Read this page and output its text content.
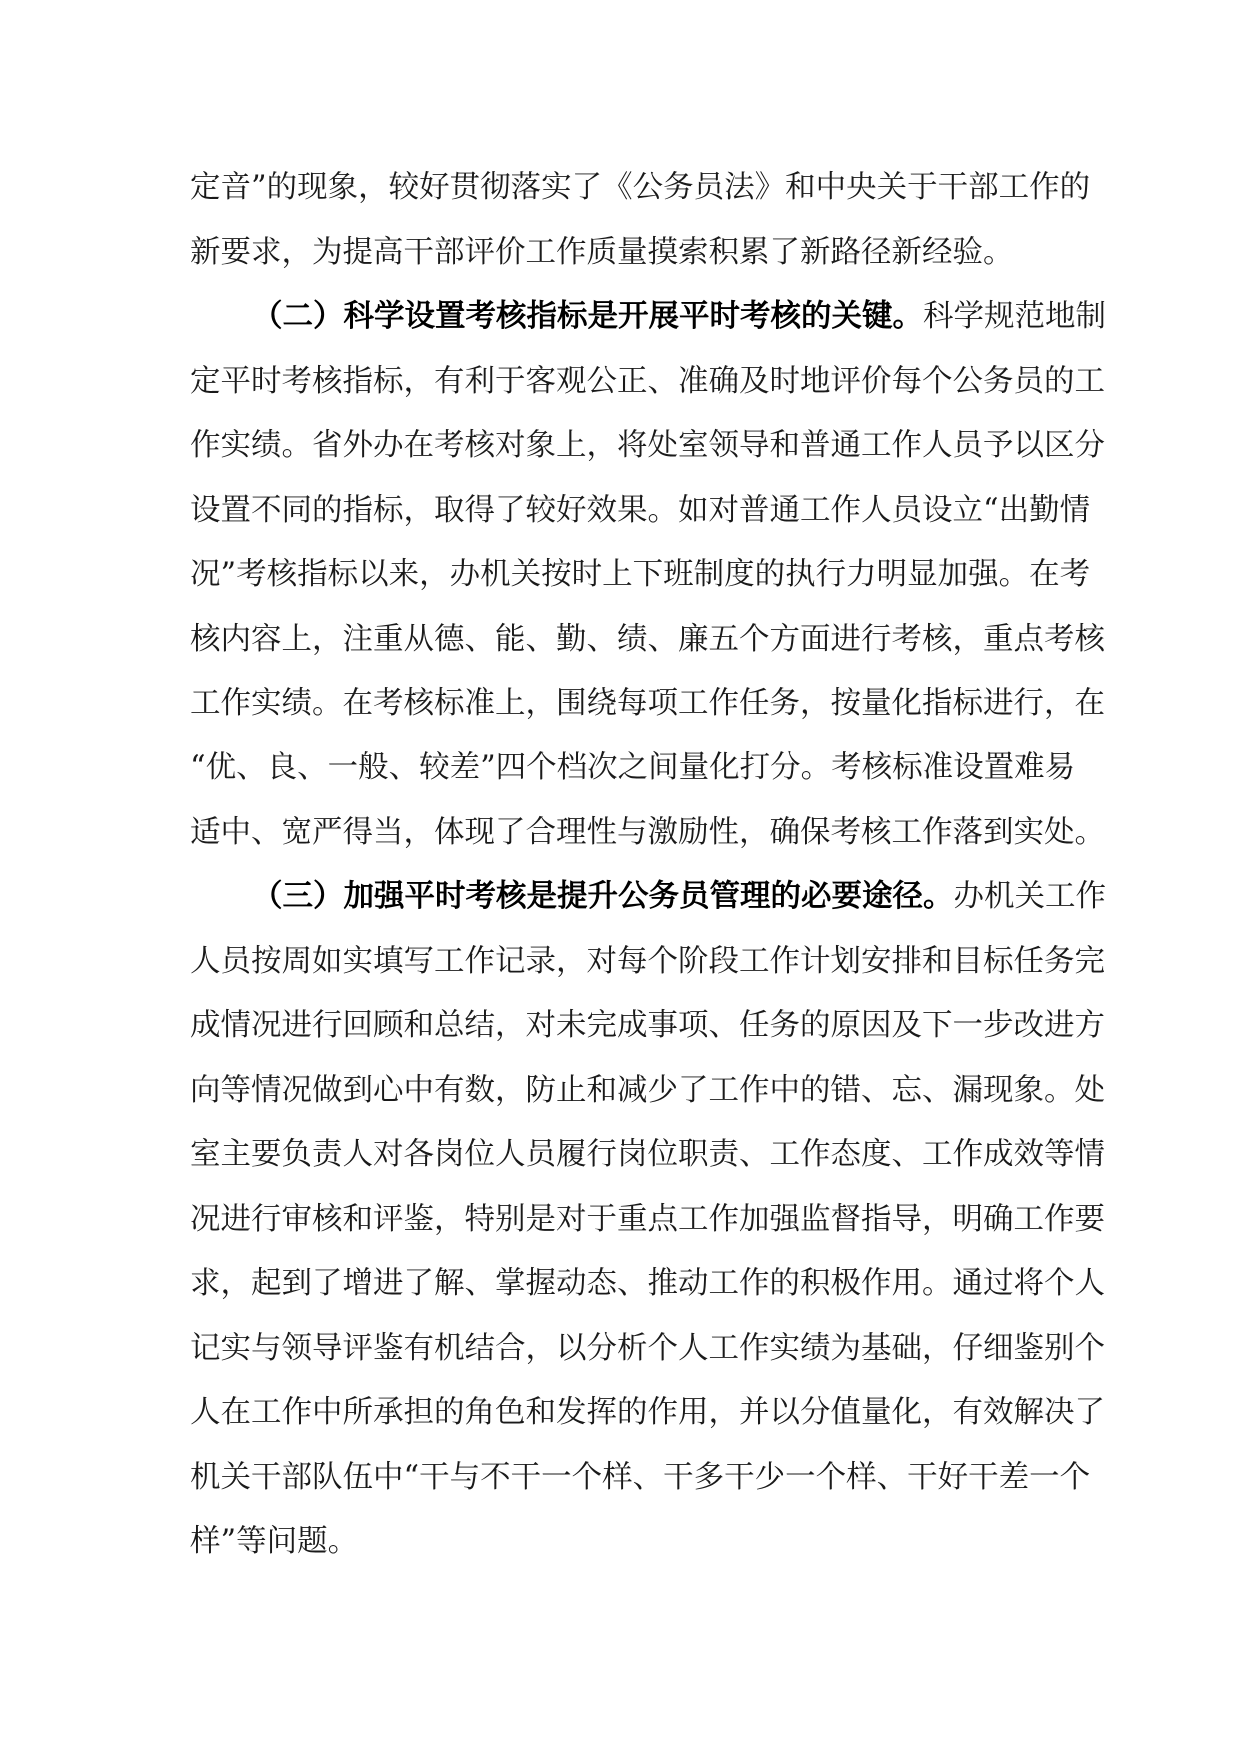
定音”的现象，较好贯彻落实了《公务员法》和中央关于干部工作的
新要求，为提高干部评价工作质量摸索积累了新路径新经验。
（二）科学设置考核指标是开展平时考核的关键。科学规范地制
定平时考核指标，有利于客观公正、准确及时地评价每个公务员的工
作实绩。省外办在考核对象上，将处室领导和普通工作人员予以区分
设置不同的指标，取得了较好效果。如对普通工作人员设立“出勤情
况”考核指标以来，办机关按时上下班制度的执行力明显加强。在考
核内容上，注重从德、能、勤、绩、廉五个方面进行考核，重点考核
工作实绩。在考核标准上，围绕每项工作任务，按量化指标进行，在
“优、良、一般、较差”四个档次之间量化打分。考核标准设置难易
适中、宽严得当，体现了合理性与激励性，确保考核工作落到实处。
（三）加强平时考核是提升公务员管理的必要途径。办机关工作
人员按周如实填写工作记录，对每个阶段工作计划安排和目标任务完
成情况进行回顾和总结，对未完成事项、任务的原因及下一步改进方
向等情况做到心中有数，防止和减少了工作中的错、忘、漏现象。处
室主要负责人对各岗位人员履行岗位职责、工作态度、工作成效等情
况进行审核和评鉴，特别是对于重点工作加强监督指导，明确工作要
求，起到了增进了解、掌握动态、推动工作的积极作用。通过将个人
记实与领导评鉴有机结合，以分析个人工作实绩为基础，仔细鉴别个
人在工作中所承担的角色和发挥的作用，并以分值量化，有效解决了
机关干部队伍中“干与不干一个样、干多干少一个样、干好干差一个
样”等问题。
